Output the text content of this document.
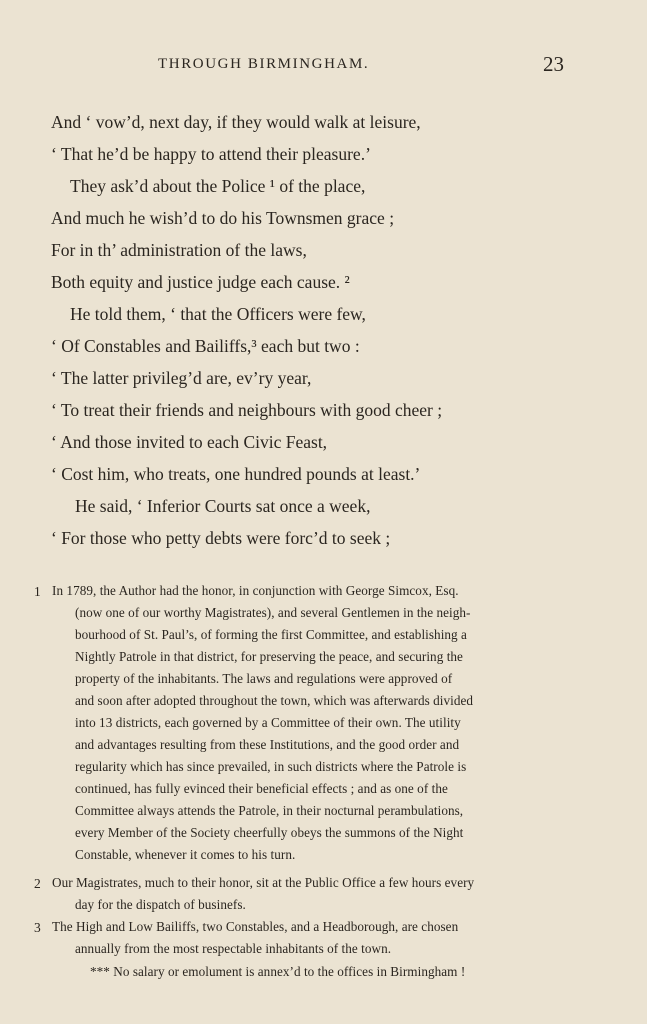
THROUGH BIRMINGHAM.	23
And ‘ vow’d, next day, if they would walk at leisure,
‘ That he’d be happy to attend their pleasure.’
They ask’d about the Police ¹ of the place,
And much he wish’d to do his Townsmen grace ;
For in th’ administration of the laws,
Both equity and justice judge each cause. ²
He told them, ‘ that the Officers were few,
‘ Of Constables and Bailiffs,³ each but two :
‘ The latter privileg’d are, ev’ry year,
‘ To treat their friends and neighbours with good cheer ;
‘ And those invited to each Civic Feast,
‘ Cost him, who treats, one hundred pounds at least.’
He said, ‘ Inferior Courts sat once a week,
‘ For those who petty debts were forc’d to seek ;
1
2
3
In 1789, the Author had the honor, in conjunction with George Simcox, Esq.
(now one of our worthy Magistrates), and several Gentlemen in the neigh-
bourhood of St. Paul’s, of forming the first Committee, and establishing a
Nightly Patrole in that district, for preserving the peace, and securing the
property of the inhabitants. The laws and regulations were approved of
and soon after adopted throughout the town, which was afterwards divided
into 13 districts, each governed by a Committee of their own. The utility
and advantages resulting from these Institutions, and the good order and
regularity which has since prevailed, in such districts where the Patrole is
continued, has fully evinced their beneficial effects ; and as one of the
Committee always attends the Patrole, in their nocturnal perambulations,
every Member of the Society cheerfully obeys the summons of the Night
Constable, whenever it comes to his turn.
Our Magistrates, much to their honor, sit at the Public Office a few hours every
day for the dispatch of businefs.
The High and Low Bailiffs, two Constables, and a Headborough, are chosen
annually from the most respectable inhabitants of the town.
*** No salary or emolument is annex’d to the offices in Birmingham !
